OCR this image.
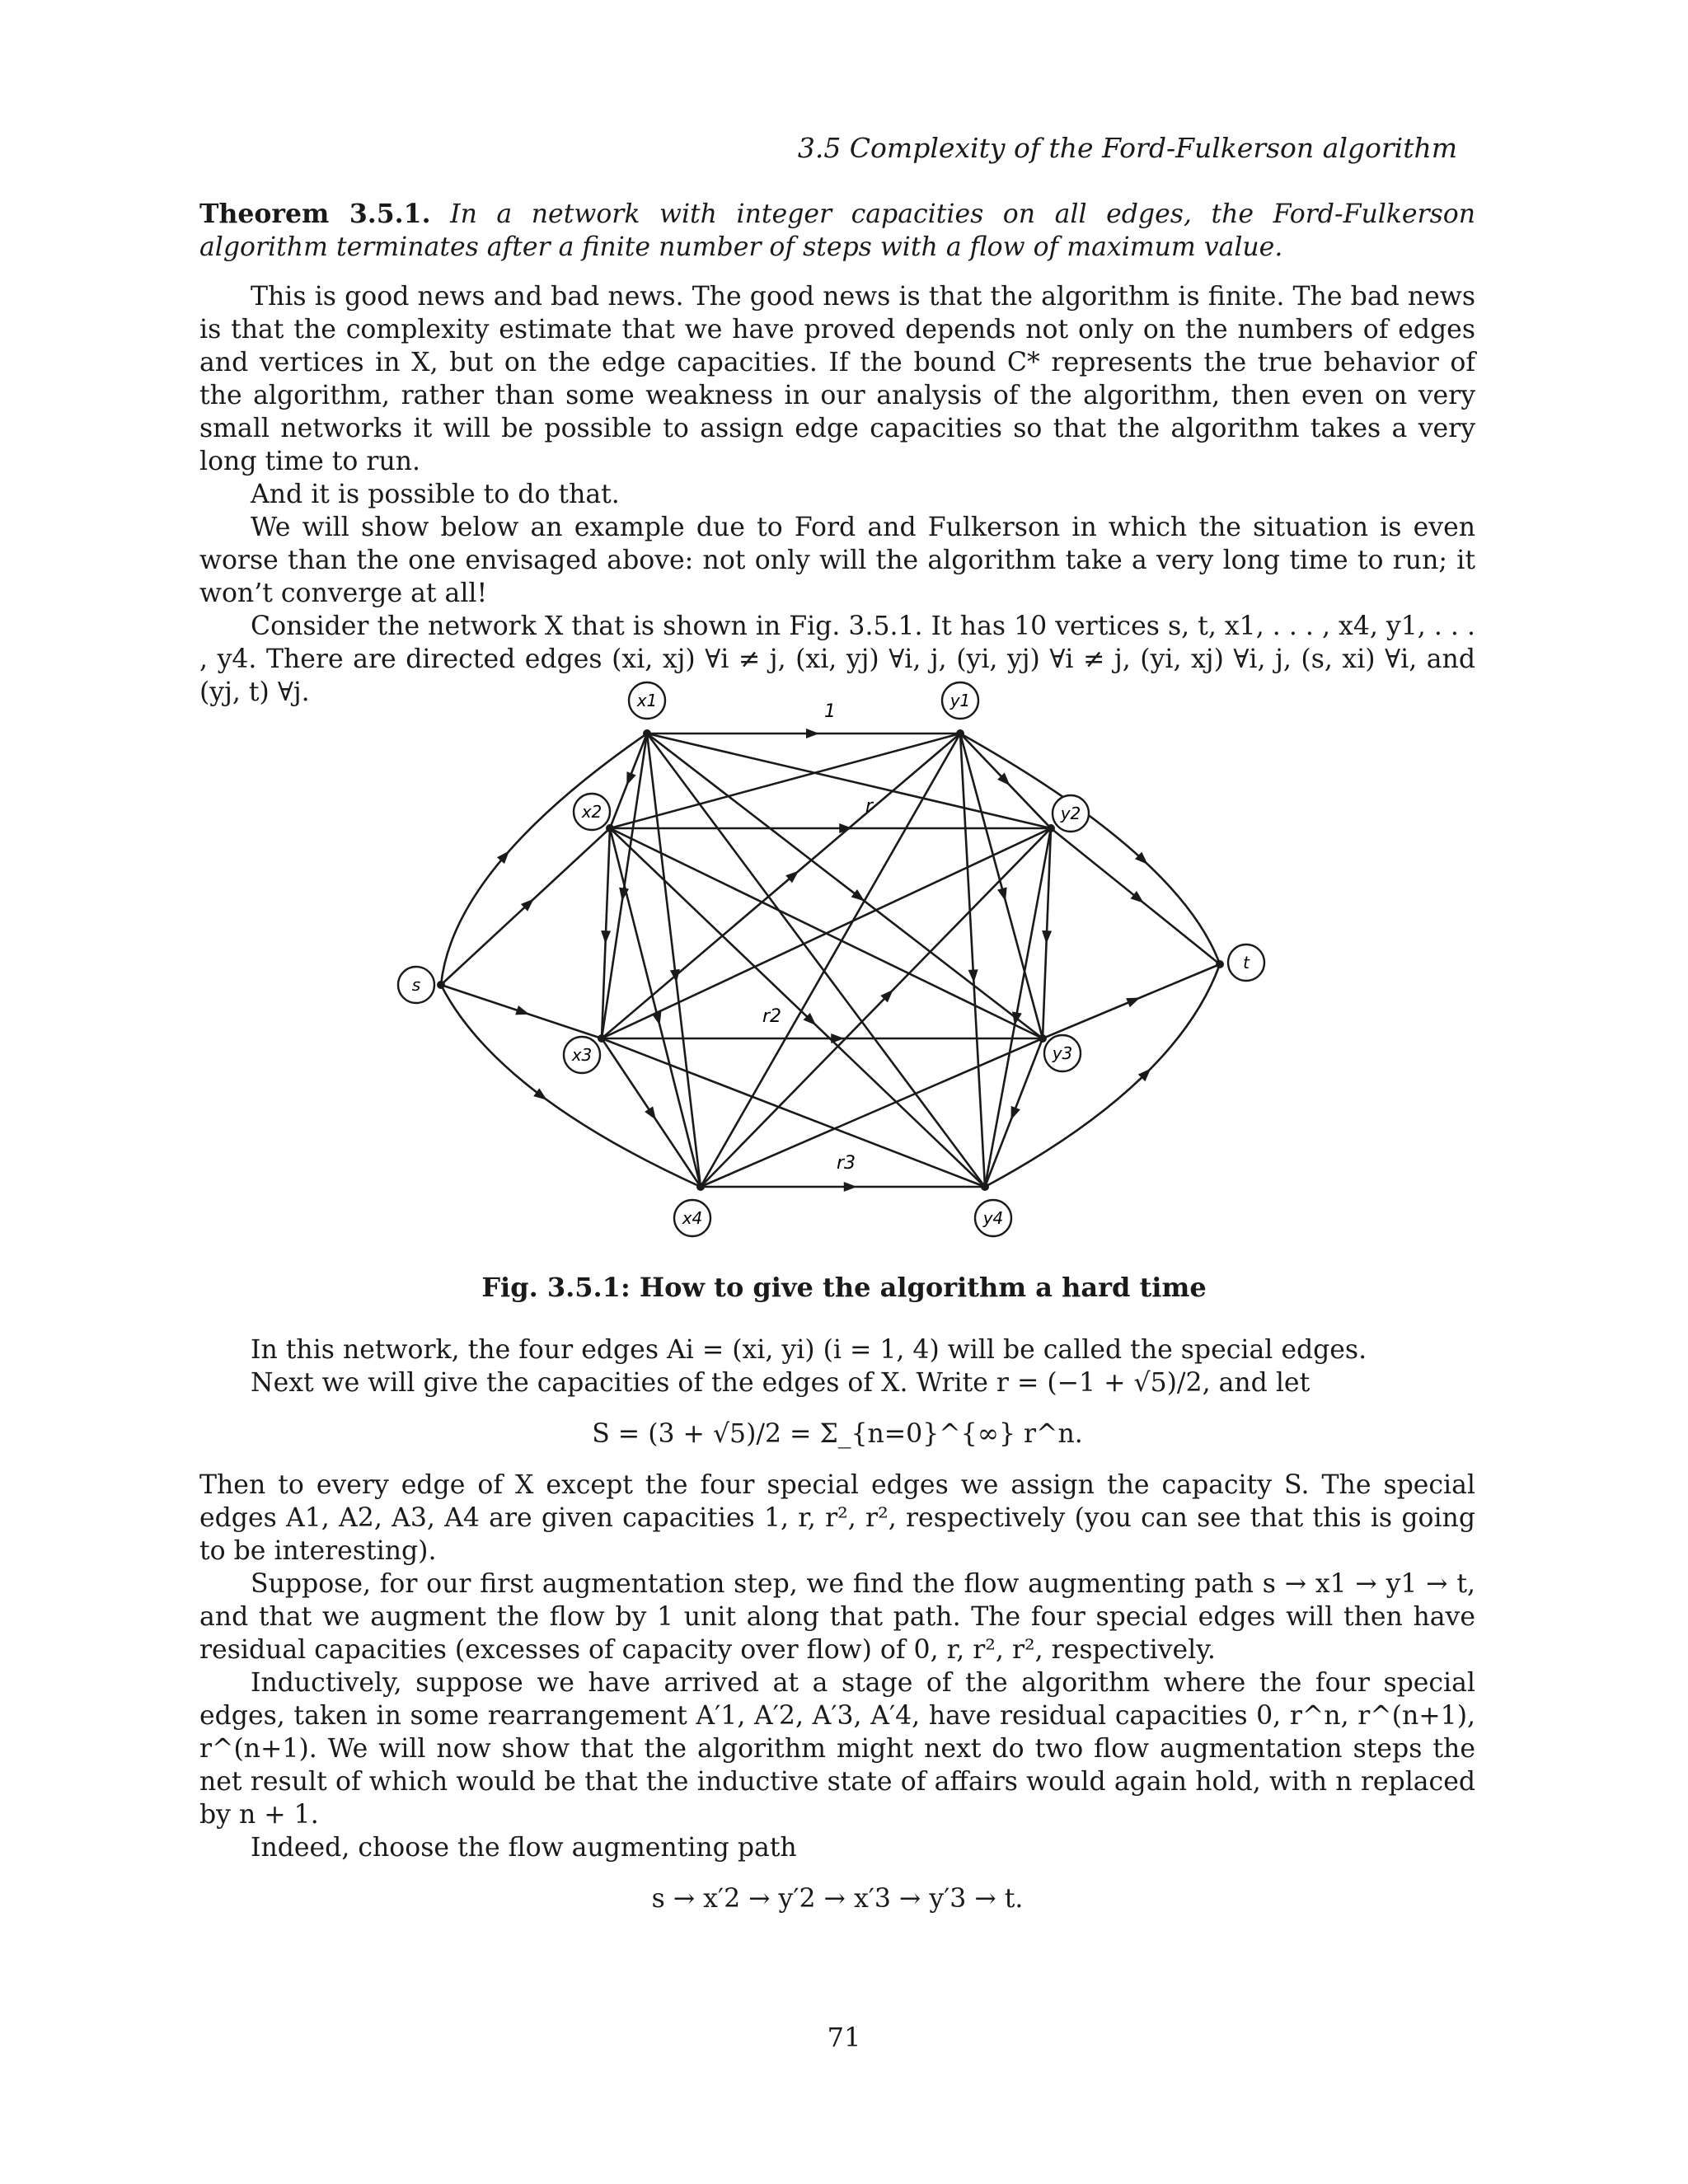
3.5 Complexity of the Ford-Fulkerson algorithm

Theorem 3.5.1. In a network with integer capacities on all edges, the Ford-Fulkerson algorithm terminates after a finite number of steps with a flow of maximum value.

This is good news and bad news. The good news is that the algorithm is finite. The bad news is that the complexity estimate that we have proved depends not only on the numbers of edges and vertices in X, but on the edge capacities. If the bound C* represents the true behavior of the algorithm, rather than some weakness in our analysis of the algorithm, then even on very small networks it will be possible to assign edge capacities so that the algorithm takes a very long time to run.

And it is possible to do that.

We will show below an example due to Ford and Fulkerson in which the situation is even worse than the one envisaged above: not only will the algorithm take a very long time to run; it won’t converge at all!

Consider the network X that is shown in Fig. 3.5.1. It has 10 vertices s, t, x1, . . . , x4, y1, . . . , y4. There are directed edges (xi, xj) ∀i ≠ j, (xi, yj) ∀i, j, (yi, yj) ∀i ≠ j, (yi, xj) ∀i, j, (s, xi) ∀i, and (yj, t) ∀j.

s
t
x1
x2
x3
x4
y1
y2
y3
y4
1
r
r2
r3
Fig. 3.5.1: How to give the algorithm a hard time

In this network, the four edges Ai = (xi, yi) (i = 1, 4) will be called the special edges.

Next we will give the capacities of the edges of X. Write r = (−1 + √5)/2, and let

S = (3 + √5)/2 = Σ_{n=0}^{∞} r^n.

Then to every edge of X except the four special edges we assign the capacity S. The special edges A1, A2, A3, A4 are given capacities 1, r, r², r², respectively (you can see that this is going to be interesting).

Suppose, for our first augmentation step, we find the flow augmenting path s → x1 → y1 → t, and that we augment the flow by 1 unit along that path. The four special edges will then have residual capacities (excesses of capacity over flow) of 0, r, r², r², respectively.

Inductively, suppose we have arrived at a stage of the algorithm where the four special edges, taken in some rearrangement A′1, A′2, A′3, A′4, have residual capacities 0, r^n, r^(n+1), r^(n+1). We will now show that the algorithm might next do two flow augmentation steps the net result of which would be that the inductive state of affairs would again hold, with n replaced by n + 1.

Indeed, choose the flow augmenting path

s → x′2 → y′2 → x′3 → y′3 → t.

71
